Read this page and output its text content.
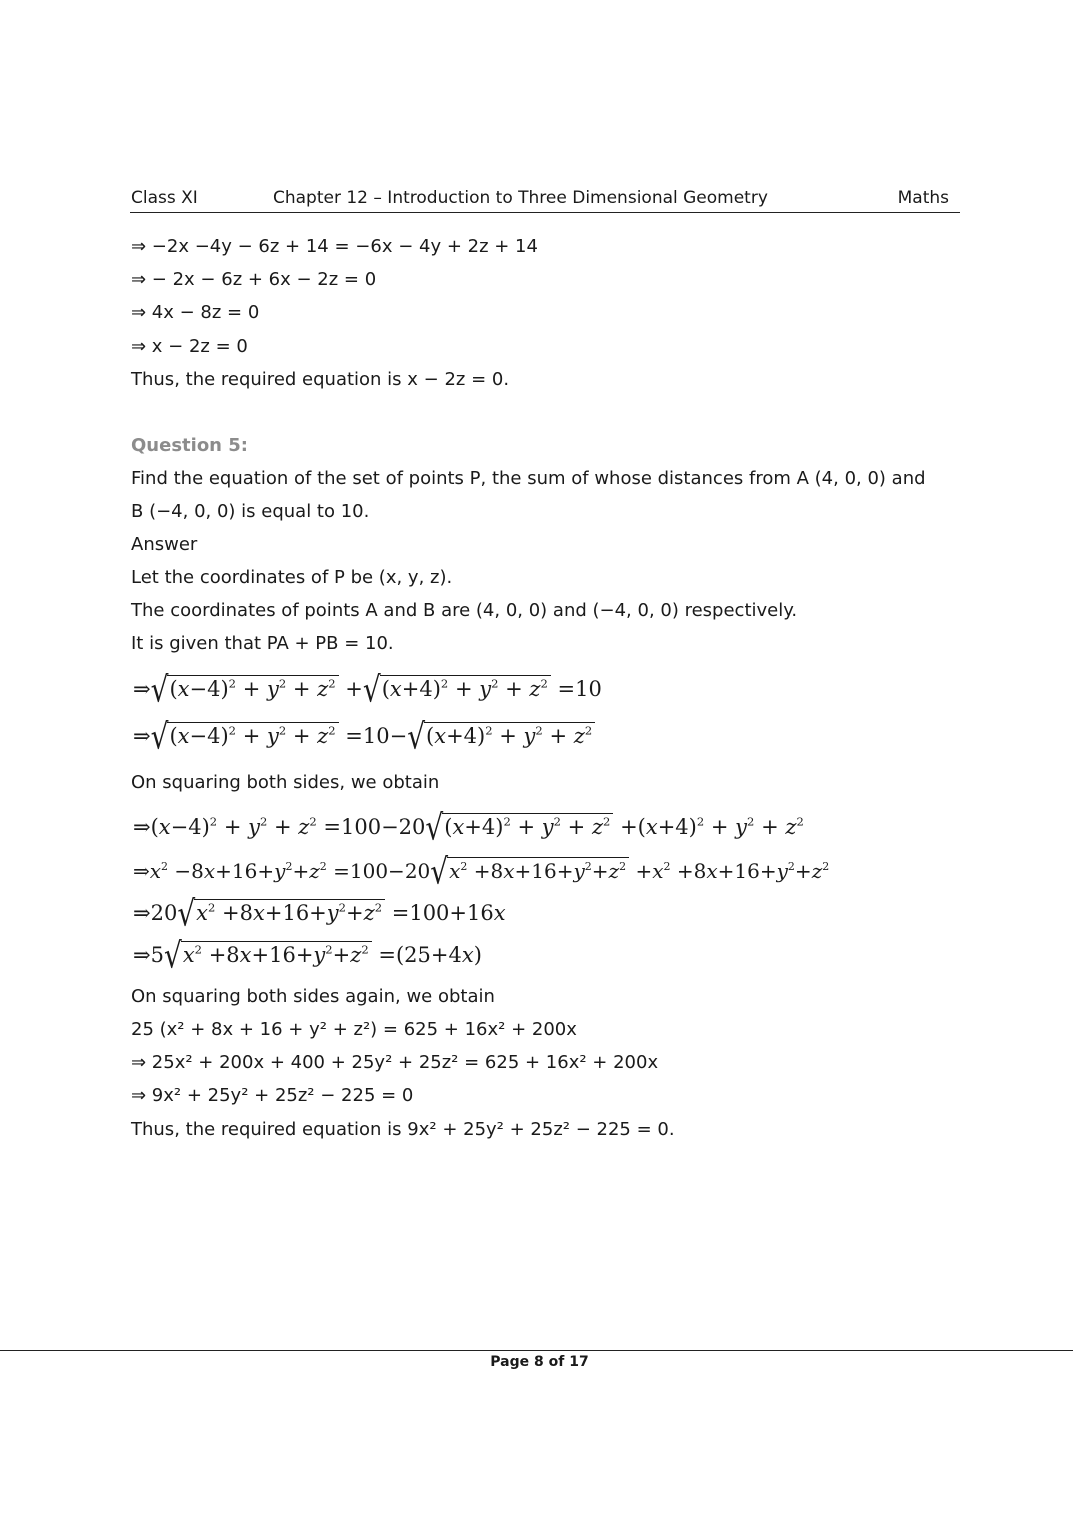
Class XI	Chapter 12 – Introduction to Three Dimensional Geometry	Maths
⇒ −2x −4y − 6z + 14 = −6x − 4y + 2z + 14
⇒ − 2x − 6z + 6x − 2z = 0
⇒ 4x − 8z = 0
⇒ x − 2z = 0
Thus, the required equation is x − 2z = 0.
Question 5:
Find the equation of the set of points P, the sum of whose distances from A (4, 0, 0) and
B (−4, 0, 0) is equal to 10.
Answer
Let the coordinates of P be (x, y, z).
The coordinates of points A and B are (4, 0, 0) and (−4, 0, 0) respectively.
It is given that PA + PB = 10.
$\Rightarrow√(x-4)^2 + y^2 + z^2 +√(x+4)^2 + y^2 + z^2 =10$
$\Rightarrow√(x-4)^2 + y^2 + z^2 =10-√(x+4)^2 + y^2 + z^2$
On squaring both sides, we obtain
$\Rightarrow(x-4)^2 + y^2 + z^2 =100-20√(x+4)^2 + y^2 + z^2 +(x+4)^2 + y^2 + z^2$
$\Rightarrow x^2 -8x+16+y^2+z^2 =100-20√x^2 +8x+16+y^2+z^2 +x^2 +8x+16+y^2+z^2$
$\Rightarrow 20√x^2 +8x+16+y^2+z^2 =100+16x$
$\Rightarrow 5√x^2 +8x+16+y^2+z^2 =(25+4x)$
On squaring both sides again, we obtain
25 (x² + 8x + 16 + y² + z²) = 625 + 16x² + 200x
⇒ 25x² + 200x + 400 + 25y² + 25z² = 625 + 16x² + 200x
⇒ 9x² + 25y² + 25z² − 225 = 0
Thus, the required equation is 9x² + 25y² + 25z² − 225 = 0.
Page 8 of 17
